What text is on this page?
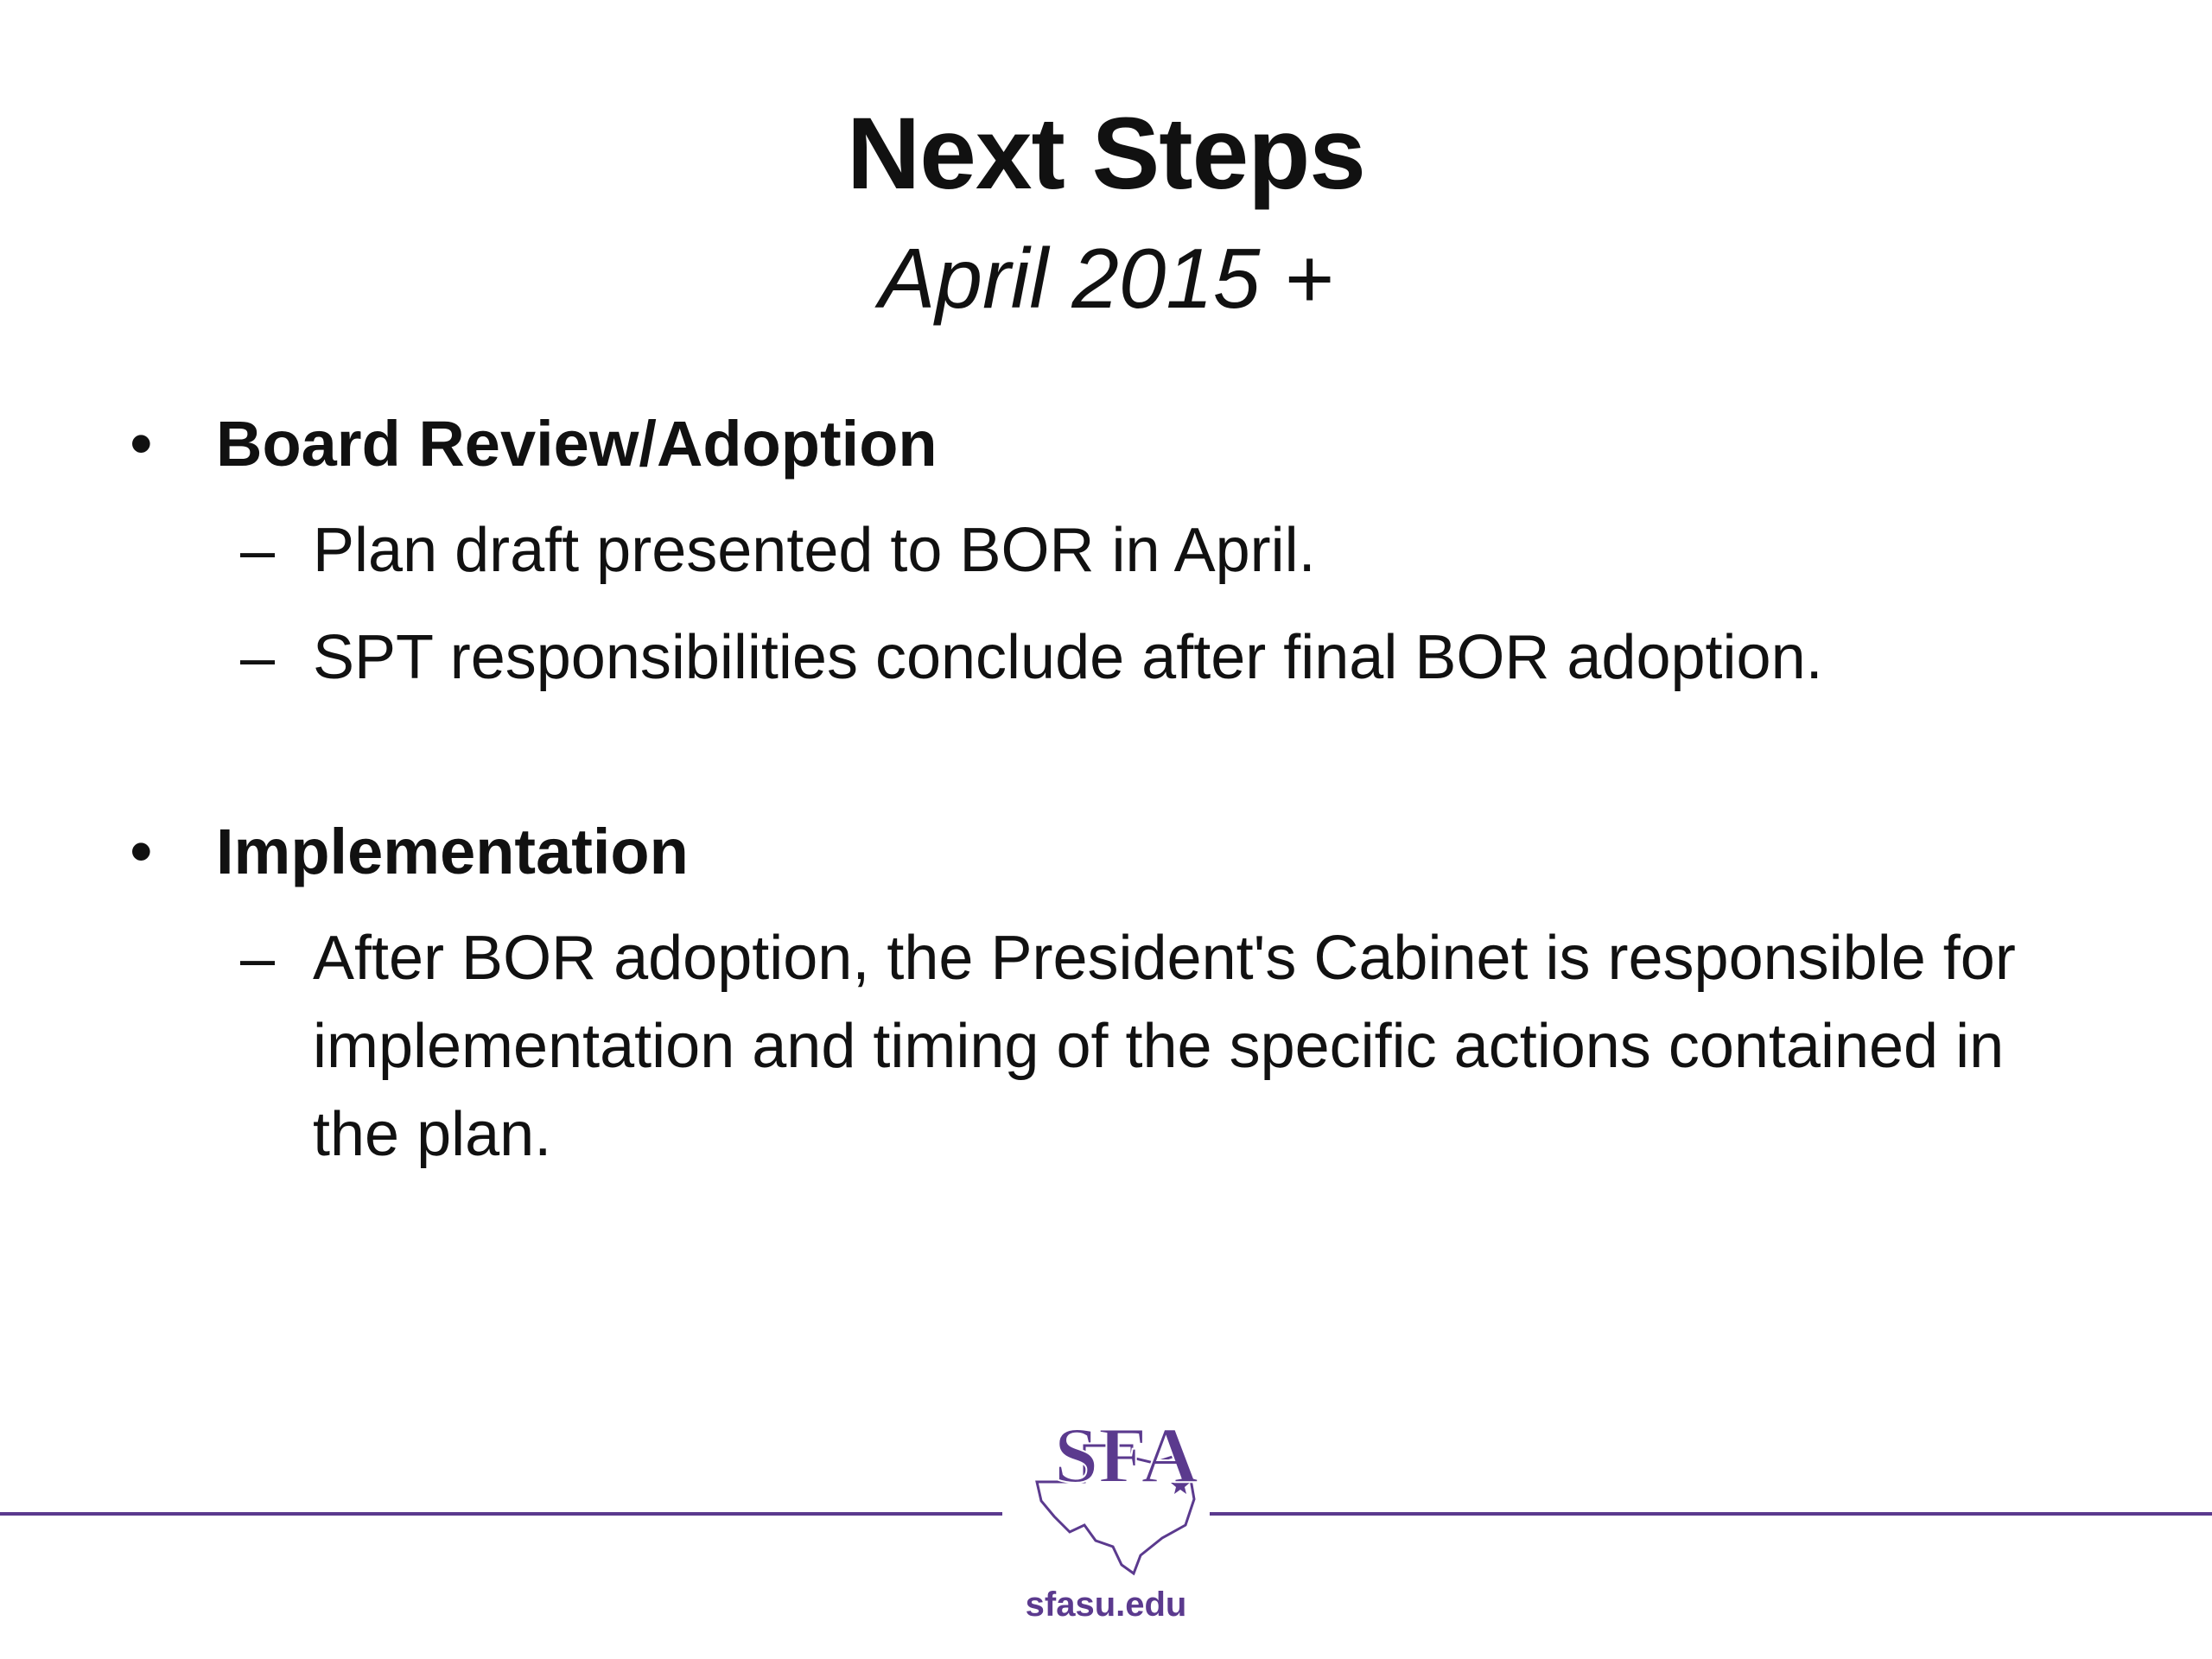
Next Steps
April 2015 +
• Board Review/Adoption
– Plan draft presented to BOR in April.
– SPT responsibilities conclude after final BOR adoption.
• Implementation
– After BOR adoption, the President's Cabinet is responsible for implementation and timing of the specific actions contained in the plan.
SFA
sfasu.edu
